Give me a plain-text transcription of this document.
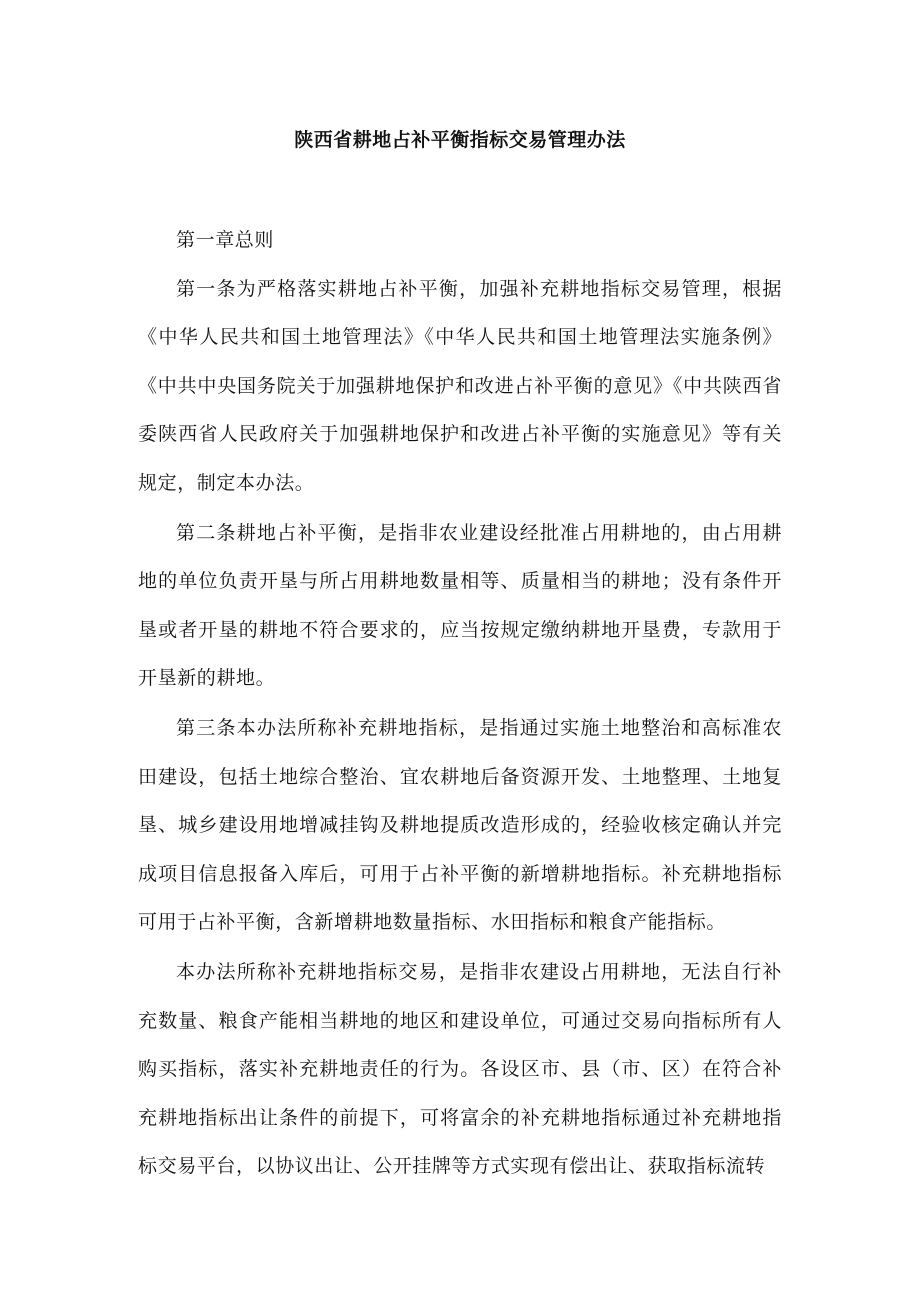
陕西省耕地占补平衡指标交易管理办法

第一章总则

第一条为严格落实耕地占补平衡，加强补充耕地指标交易管理，根据《中华人民共和国土地管理法》《中华人民共和国土地管理法实施条例》《中共中央国务院关于加强耕地保护和改进占补平衡的意见》《中共陕西省委陕西省人民政府关于加强耕地保护和改进占补平衡的实施意见》等有关规定，制定本办法。

第二条耕地占补平衡，是指非农业建设经批准占用耕地的，由占用耕地的单位负责开垦与所占用耕地数量相等、质量相当的耕地；没有条件开垦或者开垦的耕地不符合要求的，应当按规定缴纳耕地开垦费，专款用于开垦新的耕地。

第三条本办法所称补充耕地指标，是指通过实施土地整治和高标准农田建设，包括土地综合整治、宜农耕地后备资源开发、土地整理、土地复垦、城乡建设用地增减挂钩及耕地提质改造形成的，经验收核定确认并完成项目信息报备入库后，可用于占补平衡的新增耕地指标。补充耕地指标可用于占补平衡，含新增耕地数量指标、水田指标和粮食产能指标。

本办法所称补充耕地指标交易，是指非农建设占用耕地，无法自行补充数量、粮食产能相当耕地的地区和建设单位，可通过交易向指标所有人购买指标，落实补充耕地责任的行为。各设区市、县（市、区）在符合补充耕地指标出让条件的前提下，可将富余的补充耕地指标通过补充耕地指标交易平台，以协议出让、公开挂牌等方式实现有偿出让、获取指标流转
